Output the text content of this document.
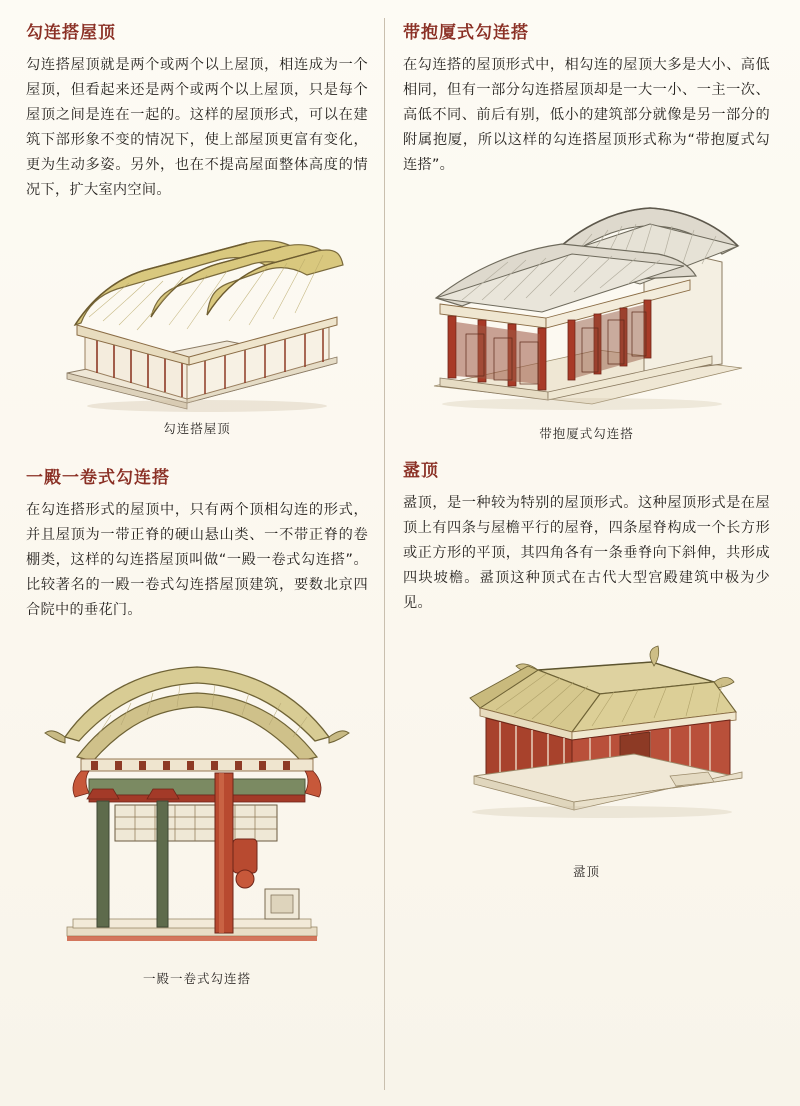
勾连搭屋顶

勾连搭屋顶就是两个或两个以上屋顶，相连成为一个屋顶，但看起来还是两个或两个以上屋顶，只是每个屋顶之间是连在一起的。这样的屋顶形式，可以在建筑下部形象不变的情况下，使上部屋顶更富有变化，更为生动多姿。另外，也在不提高屋面整体高度的情况下，扩大室内空间。

勾连搭屋顶
一殿一卷式勾连搭

在勾连搭形式的屋顶中，只有两个顶相勾连的形式，并且屋顶为一带正脊的硬山悬山类、一不带正脊的卷棚类，这样的勾连搭屋顶叫做“一殿一卷式勾连搭”。比较著名的一殿一卷式勾连搭屋顶建筑，要数北京四合院中的垂花门。

一殿一卷式勾连搭
带抱厦式勾连搭

在勾连搭的屋顶形式中，相勾连的屋顶大多是大小、高低相同，但有一部分勾连搭屋顶却是一大一小、一主一次、高低不同、前后有别，低小的建筑部分就像是另一部分的附属抱厦，所以这样的勾连搭屋顶形式称为“带抱厦式勾连搭”。

带抱厦式勾连搭
盝顶

盝顶，是一种较为特别的屋顶形式。这种屋顶形式是在屋顶上有四条与屋檐平行的屋脊，四条屋脊构成一个长方形或正方形的平顶，其四角各有一条垂脊向下斜伸，共形成四块坡檐。盝顶这种顶式在古代大型宫殿建筑中极为少见。

盝顶
